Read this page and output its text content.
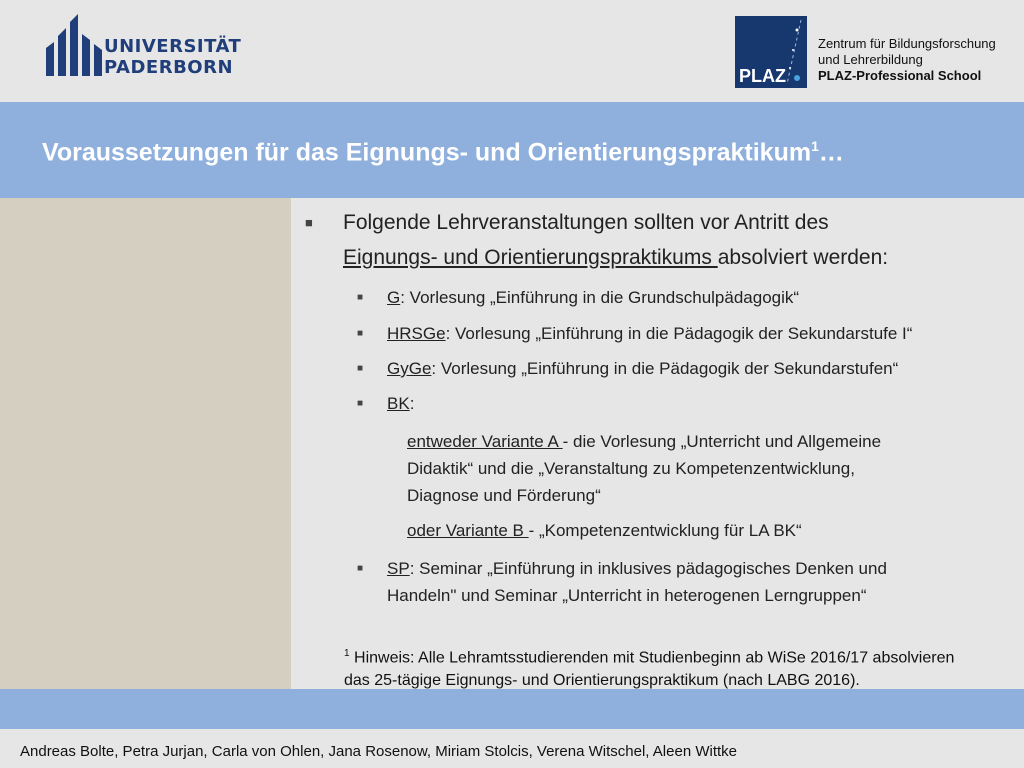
UNIVERSITÄT
PADERBORN	PLAZ
Zentrum für Bildungsforschung
und Lehrerbildung
PLAZ-Professional School
Voraussetzungen für das Eignungs- und Orientierungspraktikum$^1$…
■ Folgende Lehrveranstaltungen sollten vor Antritt des
Eignungs- und Orientierungspraktikums absolviert werden:
■ G: Vorlesung „Einführung in die Grundschulpädagogik“
■ HRSGe: Vorlesung „Einführung in die Pädagogik der Sekundarstufe I“
■ GyGe: Vorlesung „Einführung in die Pädagogik der Sekundarstufen“
■ BK:
entweder Variante A - die Vorlesung „Unterricht und Allgemeine
Didaktik“ und die „Veranstaltung zu Kompetenzentwicklung,
Diagnose und Förderung“
oder Variante B - „Kompetenzentwicklung für LA BK“
■ SP: Seminar „Einführung in inklusives pädagogisches Denken und
Handeln" und Seminar „Unterricht in heterogenen Lerngruppen“
$^1$ Hinweis: Alle Lehramtsstudierenden mit Studienbeginn ab WiSe 2016/17 absolvieren
das 25-tägige Eignungs- und Orientierungspraktikum (nach LABG 2016).
Andreas Bolte, Petra Jurjan, Carla von Ohlen, Jana Rosenow, Miriam Stolcis, Verena Witschel, Aleen Wittke
